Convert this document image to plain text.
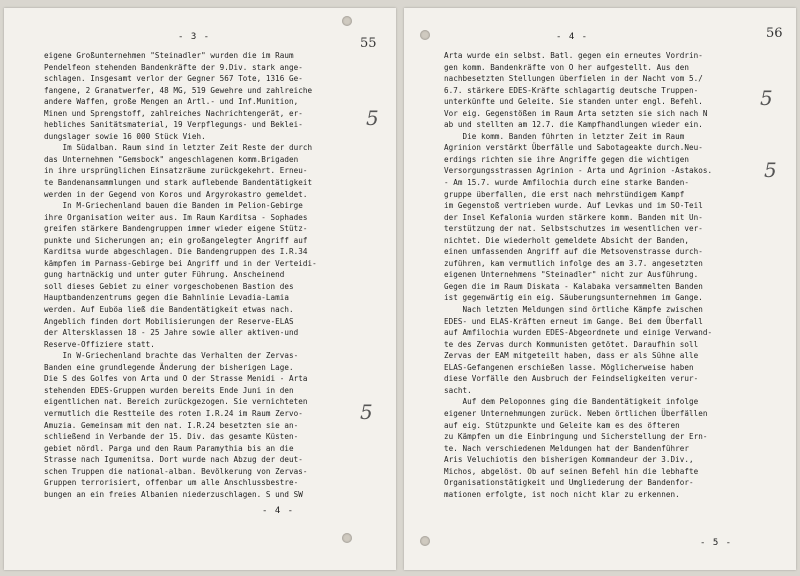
- 3 -	55
5
5
eigene Großunternehmen "Steinadler" wurden die im Raum
Pendelfeon stehenden Bandenkräfte der 9.Div. stark ange-
schlagen. Insgesamt verlor der Gegner 567 Tote, 1316 Ge-
fangene, 2 Granatwerfer, 48 MG, 519 Gewehre und zahlreiche
andere Waffen, große Mengen an Artl.- und Inf.Munition,
Minen und Sprengstoff, zahlreiches Nachrichtengerät, er-
hebliches Sanitätsmaterial, 19 Verpflegungs- und Beklei-
dungslager sowie 16 000 Stück Vieh.
Im Südalban. Raum sind in letzter Zeit Reste der durch
das Unternehmen "Gemsbock" angeschlagenen komm.Brigaden
in ihre ursprünglichen Einsatzräume zurückgekehrt. Erneu-
te Bandenansammlungen und stark auflebende Bandentätigkeit
werden in der Gegend von Koros und Argyrokastro gemeldet.
In M-Griechenland bauen die Banden im Pelion-Gebirge
ihre Organisation weiter aus. Im Raum Karditsa - Sophades
greifen stärkere Bandengruppen immer wieder eigene Stütz-
punkte und Sicherungen an; ein großangelegter Angriff auf
Karditsa wurde abgeschlagen. Die Bandengruppen des I.R.34
kämpfen im Parnass-Gebirge bei Angriff und in der Verteidi-
gung hartnäckig und unter guter Führung. Anscheinend
soll dieses Gebiet zu einer vorgeschobenen Bastion des
Hauptbandenzentrums gegen die Bahnlinie Levadia-Lamia
werden. Auf Euböa ließ die Bandentätigkeit etwas nach.
Angeblich finden dort Mobilisierungen der Reserve-ELAS
der Altersklassen 18 - 25 Jahre sowie aller aktiven-und
Reserve-Offiziere statt.
In W-Griechenland brachte das Verhalten der Zervas-
Banden eine grundlegende Änderung der bisherigen Lage.
Die S des Golfes von Arta und O der Strasse Menidi - Arta
stehenden EDES-Gruppen wurden bereits Ende Juni in den
eigentlichen nat. Bereich zurückgezogen. Sie vernichteten
vermutlich die Restteile des roten I.R.24 im Raum Zervo-
Amuzia. Gemeinsam mit den nat. I.R.24 besetzten sie an-
schließend in Verbande der 15. Div. das gesamte Küsten-
gebiet nördl. Parga und den Raum Paramythia bis an die
Strasse nach Igumenitsa. Dort wurde nach Abzug der deut-
schen Truppen die national-alban. Bevölkerung von Zervas-
Gruppen terrorisiert, offenbar um alle Anschlussbestre-
bungen an ein freies Albanien niederzuschlagen. S und SW
- 4 -
- 4 -	56
5
5
Arta wurde ein selbst. Batl. gegen ein erneutes Vordrin-
gen komm. Bandenkräfte von O her aufgestellt. Aus den
nachbesetzten Stellungen überfielen in der Nacht vom 5./
6.7. stärkere EDES-Kräfte schlagartig deutsche Truppen-
unterkünfte und Geleite. Sie standen unter engl. Befehl.
Vor eig. Gegenstößen im Raum Arta setzten sie sich nach N
ab und stellten am 12.7. die Kampfhandlungen wieder ein.
Die komm. Banden führten in letzter Zeit im Raum
Agrinion verstärkt Überfälle und Sabotageakte durch.Neu-
erdings richten sie ihre Angriffe gegen die wichtigen
Versorgungsstrassen Agrinion - Arta und Agrinion -Astakos.
- Am 15.7. wurde Amfilochia durch eine starke Banden-
gruppe überfallen, die erst nach mehrstündigem Kampf
im Gegenstoß vertrieben wurde. Auf Levkas und im SO-Teil
der Insel Kefalonia wurden stärkere komm. Banden mit Un-
terstützung der nat. Selbstschutzes im wesentlichen ver-
nichtet. Die wiederholt gemeldete Absicht der Banden,
einen umfassenden Angriff auf die Metsovenstrasse durch-
zuführen, kam vermutlich infolge des am 3.7. angesetzten
eigenen Unternehmens "Steinadler" nicht zur Ausführung.
Gegen die im Raum Diskata - Kalabaka versammelten Banden
ist gegenwärtig ein eig. Säuberungsunternehmen im Gange.
Nach letzten Meldungen sind örtliche Kämpfe zwischen
EDES- und ELAS-Kräften erneut im Gange. Bei dem Überfall
auf Amfilochia wurden EDES-Abgeordnete und einige Verwand-
te des Zervas durch Kommunisten getötet. Daraufhin soll
Zervas der EAM mitgeteilt haben, dass er als Sühne alle
ELAS-Gefangenen erschießen lasse. Möglicherweise haben
diese Vorfälle den Ausbruch der Feindseligkeiten verur-
sacht.
Auf dem Peloponnes ging die Bandentätigkeit infolge
eigener Unternehmungen zurück. Neben örtlichen Überfällen
auf eig. Stützpunkte und Geleite kam es des öfteren
zu Kämpfen um die Einbringung und Sicherstellung der Ern-
te. Nach verschiedenen Meldungen hat der Bandenführer
Aris Veluchiotis den bisherigen Kommandeur der 3.Div.,
Michos, abgelöst. Ob auf seinen Befehl hin die lebhafte
Organisationstätigkeit und Umgliederung der Bandenfor-
mationen erfolgte, ist noch nicht klar zu erkennen.
- 5 -
